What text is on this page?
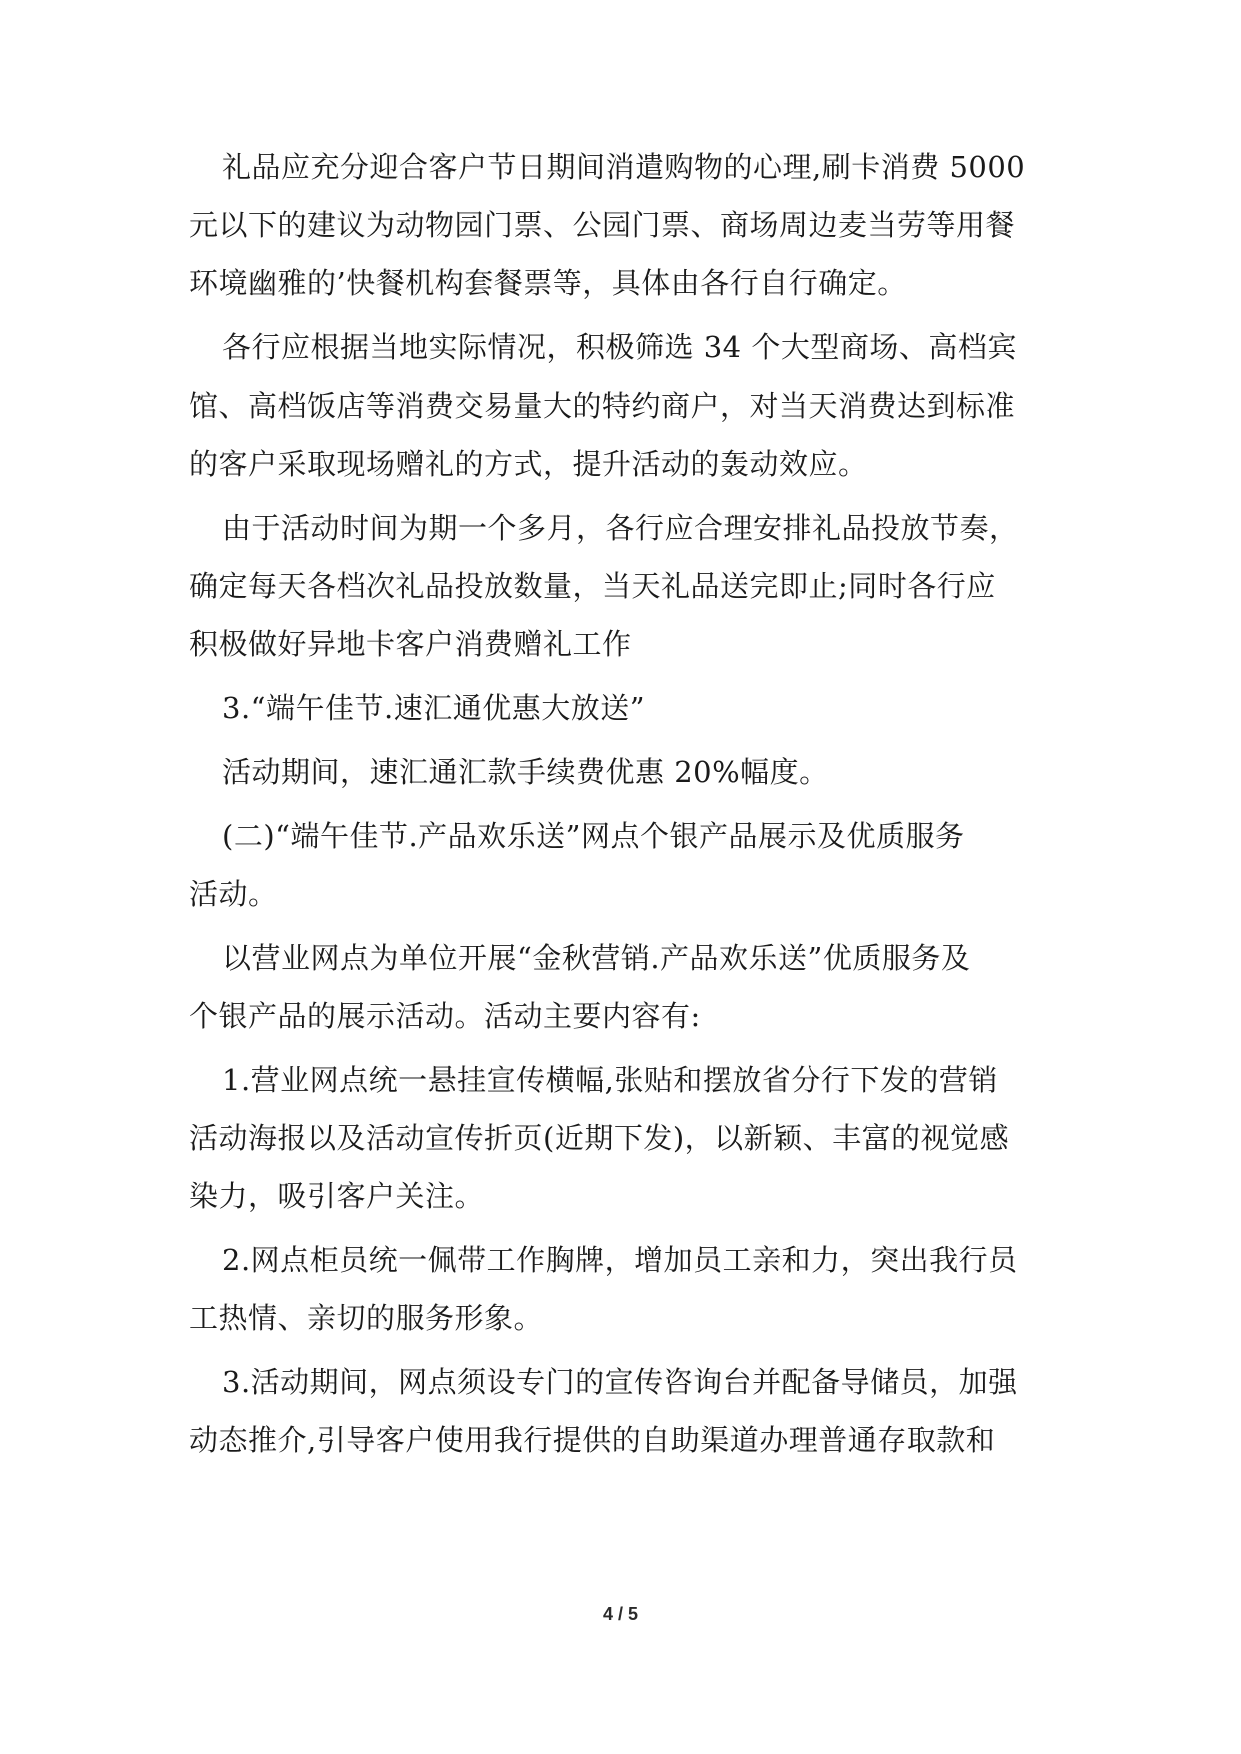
礼品应充分迎合客户节日期间消遣购物的心理,刷卡消费 5000
元以下的建议为动物园门票、公园门票、商场周边麦当劳等用餐
环境幽雅的’快餐机构套餐票等，具体由各行自行确定。
各行应根据当地实际情况，积极筛选 34 个大型商场、高档宾
馆、高档饭店等消费交易量大的特约商户，对当天消费达到标准
的客户采取现场赠礼的方式，提升活动的轰动效应。
由于活动时间为期一个多月，各行应合理安排礼品投放节奏，
确定每天各档次礼品投放数量，当天礼品送完即止;同时各行应
积极做好异地卡客户消费赠礼工作
3.“端午佳节.速汇通优惠大放送”
活动期间，速汇通汇款手续费优惠 20%幅度。
(二)“端午佳节.产品欢乐送”网点个银产品展示及优质服务
活动。
以营业网点为单位开展“金秋营销.产品欢乐送”优质服务及
个银产品的展示活动。活动主要内容有:
1.营业网点统一悬挂宣传横幅,张贴和摆放省分行下发的营销
活动海报以及活动宣传折页(近期下发)，以新颖、丰富的视觉感
染力，吸引客户关注。
2.网点柜员统一佩带工作胸牌，增加员工亲和力，突出我行员
工热情、亲切的服务形象。
3.活动期间，网点须设专门的宣传咨询台并配备导储员，加强
动态推介,引导客户使用我行提供的自助渠道办理普通存取款和
4 / 5
